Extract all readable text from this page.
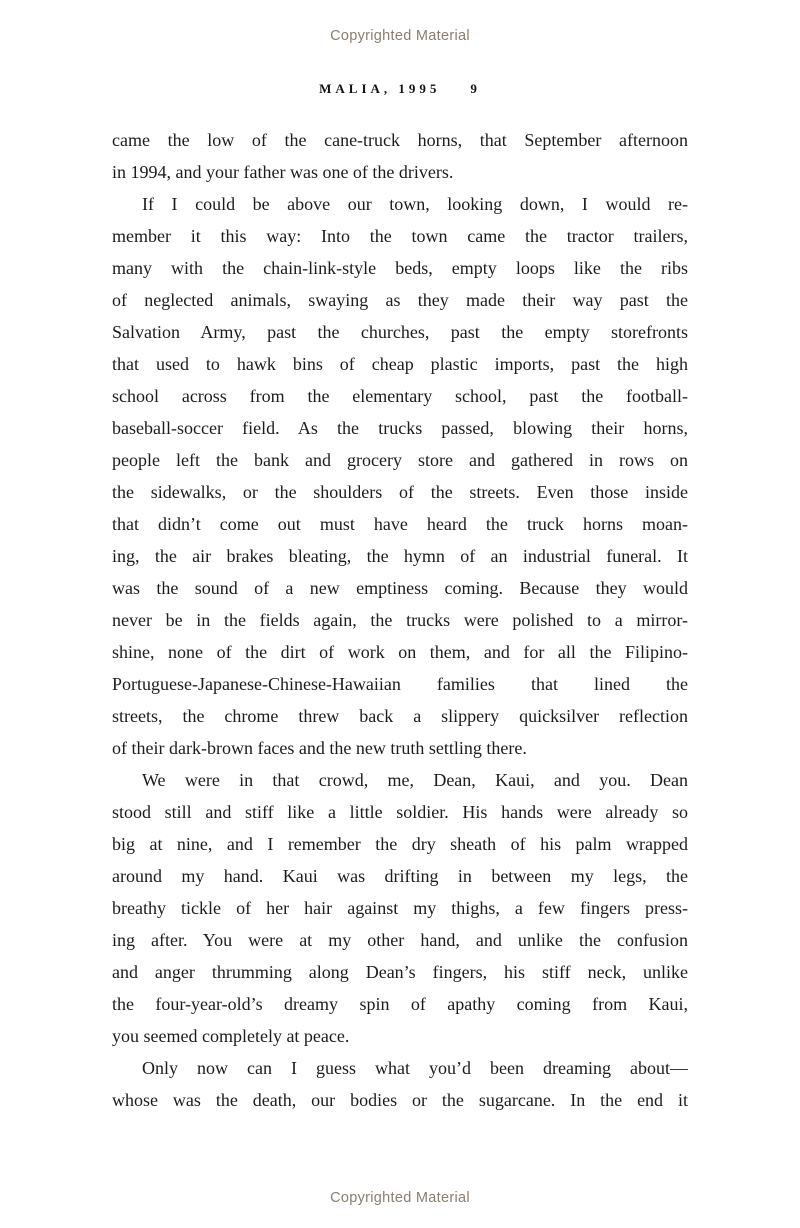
Copyrighted Material
MALIA, 1995 9
came the low of the cane-truck horns, that September afternoon
in 1994, and your father was one of the drivers.
If I could be above our town, looking down, I would re-
member it this way: Into the town came the tractor trailers,
many with the chain-link-style beds, empty loops like the ribs
of neglected animals, swaying as they made their way past the
Salvation Army, past the churches, past the empty storefronts
that used to hawk bins of cheap plastic imports, past the high
school across from the elementary school, past the football-
baseball-soccer field. As the trucks passed, blowing their horns,
people left the bank and grocery store and gathered in rows on
the sidewalks, or the shoulders of the streets. Even those inside
that didn’t come out must have heard the truck horns moan-
ing, the air brakes bleating, the hymn of an industrial funeral. It
was the sound of a new emptiness coming. Because they would
never be in the fields again, the trucks were polished to a mirror-
shine, none of the dirt of work on them, and for all the Filipino-
Portuguese-Japanese-Chinese-Hawaiian families that lined the
streets, the chrome threw back a slippery quicksilver reflection
of their dark-brown faces and the new truth settling there.
We were in that crowd, me, Dean, Kaui, and you. Dean
stood still and stiff like a little soldier. His hands were already so
big at nine, and I remember the dry sheath of his palm wrapped
around my hand. Kaui was drifting in between my legs, the
breathy tickle of her hair against my thighs, a few fingers press-
ing after. You were at my other hand, and unlike the confusion
and anger thrumming along Dean’s fingers, his stiff neck, unlike
the four-year-old’s dreamy spin of apathy coming from Kaui,
you seemed completely at peace.
Only now can I guess what you’d been dreaming about—
whose was the death, our bodies or the sugarcane. In the end it
Copyrighted Material
